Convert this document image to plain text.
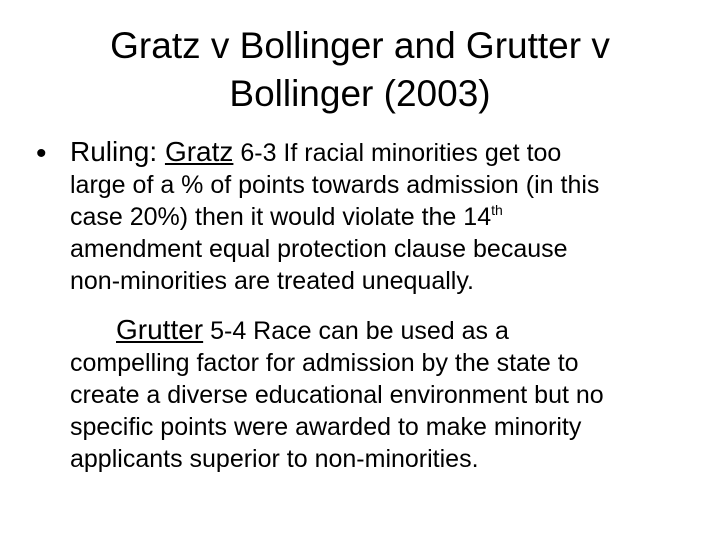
Gratz v Bollinger and Grutter v
Bollinger (2003)
• Ruling: Gratz 6-3 If racial minorities get too
large of a % of points towards admission (in this
case 20%) then it would violate the 14th
amendment equal protection clause because
non-minorities are treated unequally.
Grutter 5-4 Race can be used as a
compelling factor for admission by the state to
create a diverse educational environment but no
specific points were awarded to make minority
applicants superior to non-minorities.
